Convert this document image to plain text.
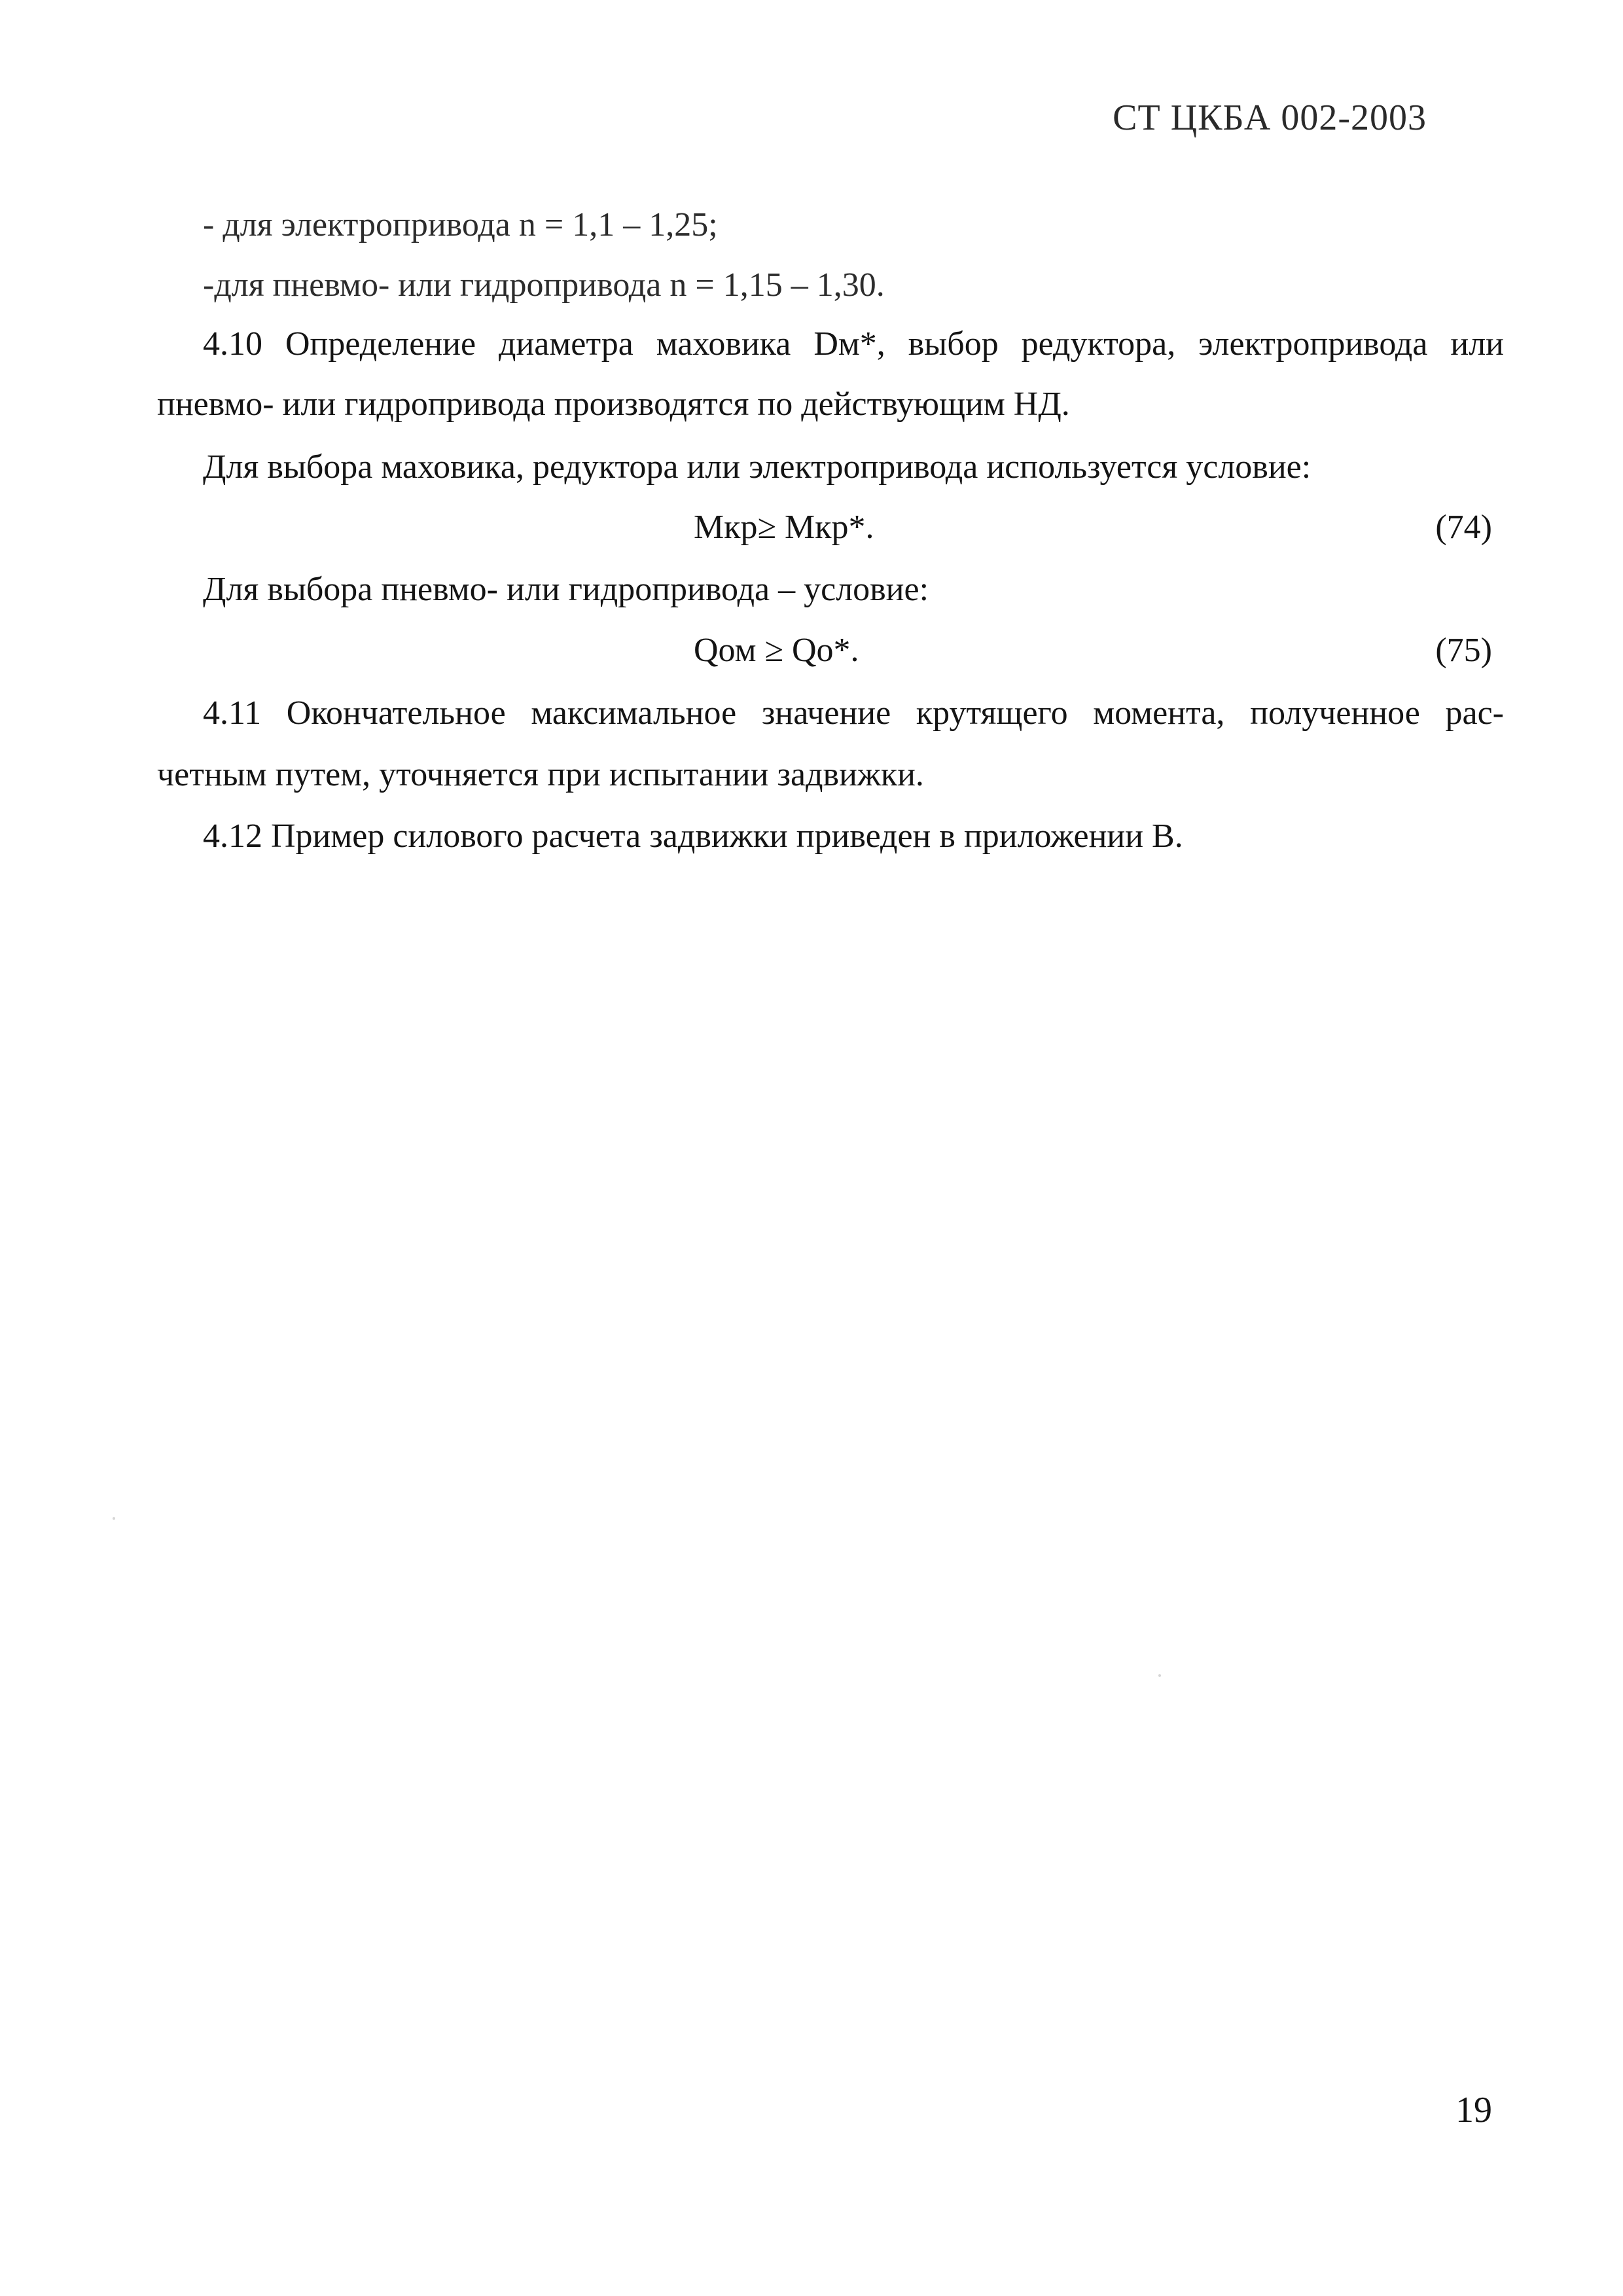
СТ ЦКБА 002-2003
- для электропривода n = 1,1 – 1,25;
-для пневмо- или гидропривода n = 1,15 – 1,30.
4.10 Определение диаметра маховика Dм*, выбор редуктора, электропривода или
пневмо- или гидропривода производятся по действующим НД.
Для выбора маховика, редуктора или электропривода используется условие:
Мкр≥ Мкр*.	(74)
Для выбора пневмо- или гидропривода – условие:
Qом ≥ Qо*.	(75)
4.11 Окончательное максимальное значение крутящего момента, полученное рас-
четным путем, уточняется при испытании задвижки.
4.12 Пример силового расчета задвижки приведен в приложении В.
19
